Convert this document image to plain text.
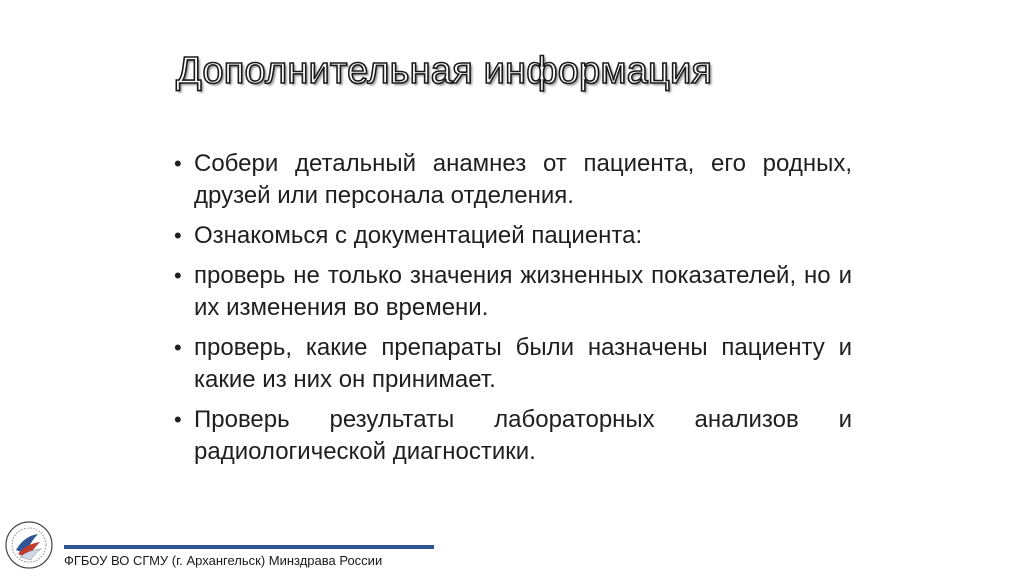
Дополнительная информация
• Собери детальный анамнез от пациента, его родных, друзей или персонала отделения.
• Ознакомься с документацией пациента:
• проверь не только значения жизненных показателей, но и их изменения во времени.
• проверь, какие препараты были назначены пациенту и какие из них он принимает.
• Проверь результаты лабораторных анализов и радиологической диагностики.
ФГБОУ ВО СГМУ (г. Архангельск) Минздрава России
